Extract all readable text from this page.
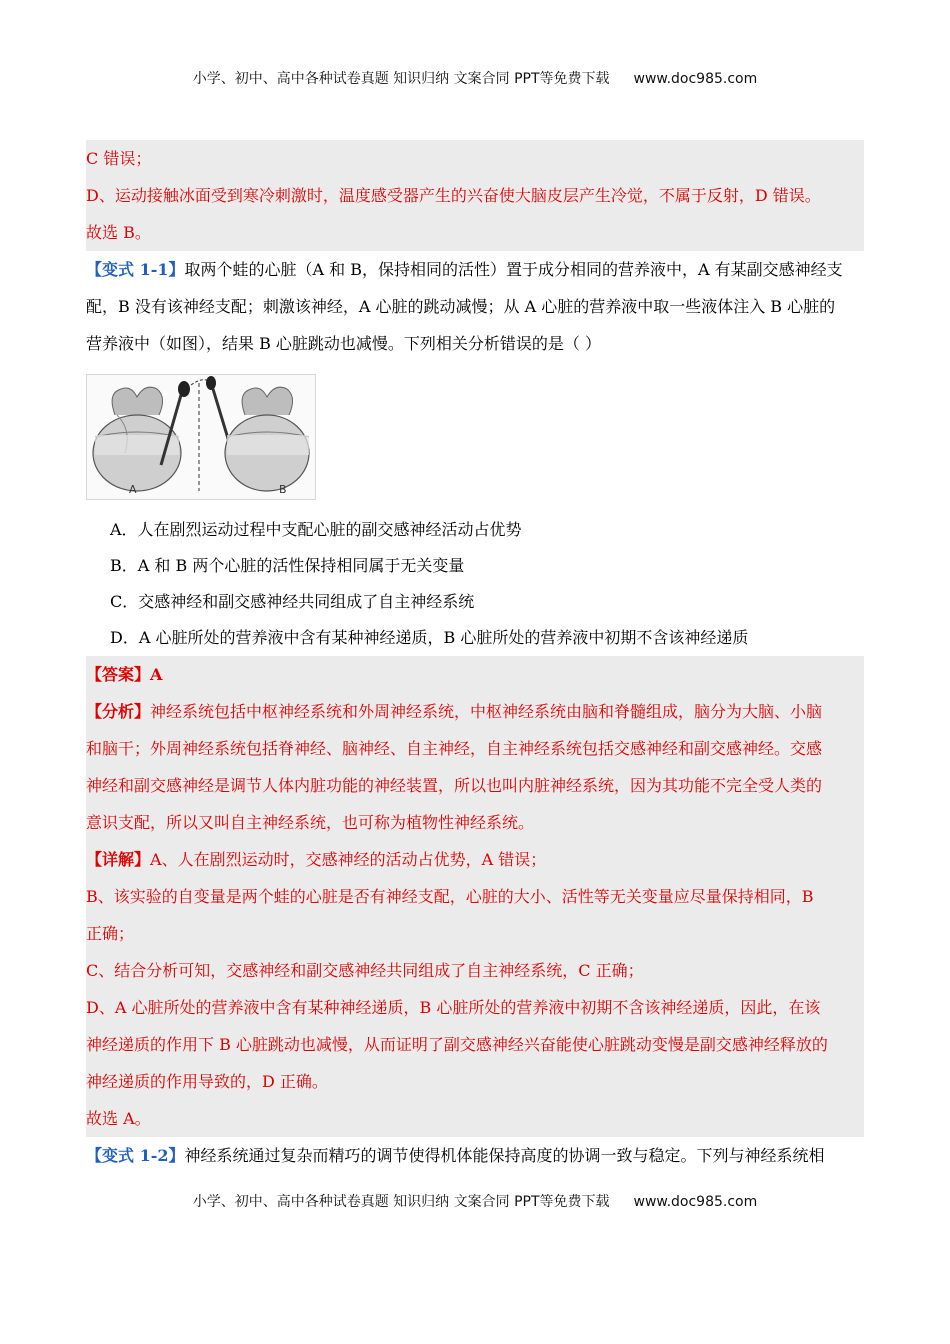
小学、初中、高中各种试卷真题 知识归纳 文案合同 PPT等免费下载 www.doc985.com
C 错误；
D、运动接触冰面受到寒冷刺激时，温度感受器产生的兴奋使大脑皮层产生冷觉，不属于反射，D 错误。
故选 B。
【变式 1-1】取两个蛙的心脏（A 和 B，保持相同的活性）置于成分相同的营养液中，A 有某副交感神经支
配，B 没有该神经支配；刺激该神经，A 心脏的跳动减慢；从 A 心脏的营养液中取一些液体注入 B 心脏的
营养液中（如图），结果 B 心脏跳动也减慢。下列相关分析错误的是（ ）
A	B
A．人在剧烈运动过程中支配心脏的副交感神经活动占优势
B．A 和 B 两个心脏的活性保持相同属于无关变量
C．交感神经和副交感神经共同组成了自主神经系统
D．A 心脏所处的营养液中含有某种神经递质，B 心脏所处的营养液中初期不含该神经递质
【答案】A
【分析】神经系统包括中枢神经系统和外周神经系统，中枢神经系统由脑和脊髓组成，脑分为大脑、小脑
和脑干；外周神经系统包括脊神经、脑神经、自主神经，自主神经系统包括交感神经和副交感神经。交感
神经和副交感神经是调节人体内脏功能的神经装置，所以也叫内脏神经系统，因为其功能不完全受人类的
意识支配，所以又叫自主神经系统，也可称为植物性神经系统。
【详解】A、人在剧烈运动时，交感神经的活动占优势，A 错误；
B、该实验的自变量是两个蛙的心脏是否有神经支配，心脏的大小、活性等无关变量应尽量保持相同，B
正确；
C、结合分析可知，交感神经和副交感神经共同组成了自主神经系统，C 正确；
D、A 心脏所处的营养液中含有某种神经递质，B 心脏所处的营养液中初期不含该神经递质，因此，在该
神经递质的作用下 B 心脏跳动也减慢，从而证明了副交感神经兴奋能使心脏跳动变慢是副交感神经释放的
神经递质的作用导致的，D 正确。
故选 A。
【变式 1-2】神经系统通过复杂而精巧的调节使得机体能保持高度的协调一致与稳定。下列与神经系统相
小学、初中、高中各种试卷真题 知识归纳 文案合同 PPT等免费下载 www.doc985.com
